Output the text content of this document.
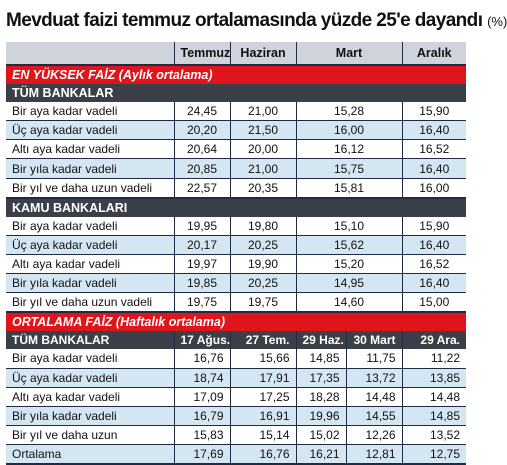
Mevduat faizi temmuz ortalamasında yüzde 25'e dayandı (%)
	Temmuz	Haziran	Mart		Aralık
EN YÜKSEK FAİZ (Aylık ortalama)					
TÜM BANKALAR					
Bir aya kadar vadeli	24,45	21,00	15,28		15,90
Üç aya kadar vadeli	20,20	21,50	16,00		16,40
Altı aya kadar vadeli	20,64	20,00	16,12		16,52
Bir yıla kadar vadeli	20,85	21,00	15,75		16,40
Bir yıl ve daha uzun vadeli	22,57	20,35	15,81		16,00
KAMU BANKALARI					
Bir aya kadar vadeli	19,95	19,80	15,10		15,90
Üç aya kadar vadeli	20,17	20,25	15,62		16,40
Altı aya kadar vadeli	19,97	19,90	15,20		16,52
Bir yıla kadar vadeli	19,85	20,25	14,95		16,40
Bir yıl ve daha uzun vadeli	19,75	19,75	14,60		15,00
ORTALAMA FAİZ (Haftalık ortalama)					
TÜM BANKALAR	17 Ağus.	27 Tem.	29 Haz.	30 Mart	29 Ara.
Bir aya kadar vadeli	16,76	15,66	14,85	11,75	11,22
Üç aya kadar vadeli	18,74	17,91	17,35	13,72	13,85
Altı aya kadar vadeli	17,09	17,25	18,28	14,48	14,48
Bir yıla kadar vadeli	16,79	16,91	19,96	14,55	14,85
Bir yıl ve daha uzun	15,83	15,14	15,02	12,26	13,52
Ortalama	17,69	16,76	16,21	12,81	12,75
